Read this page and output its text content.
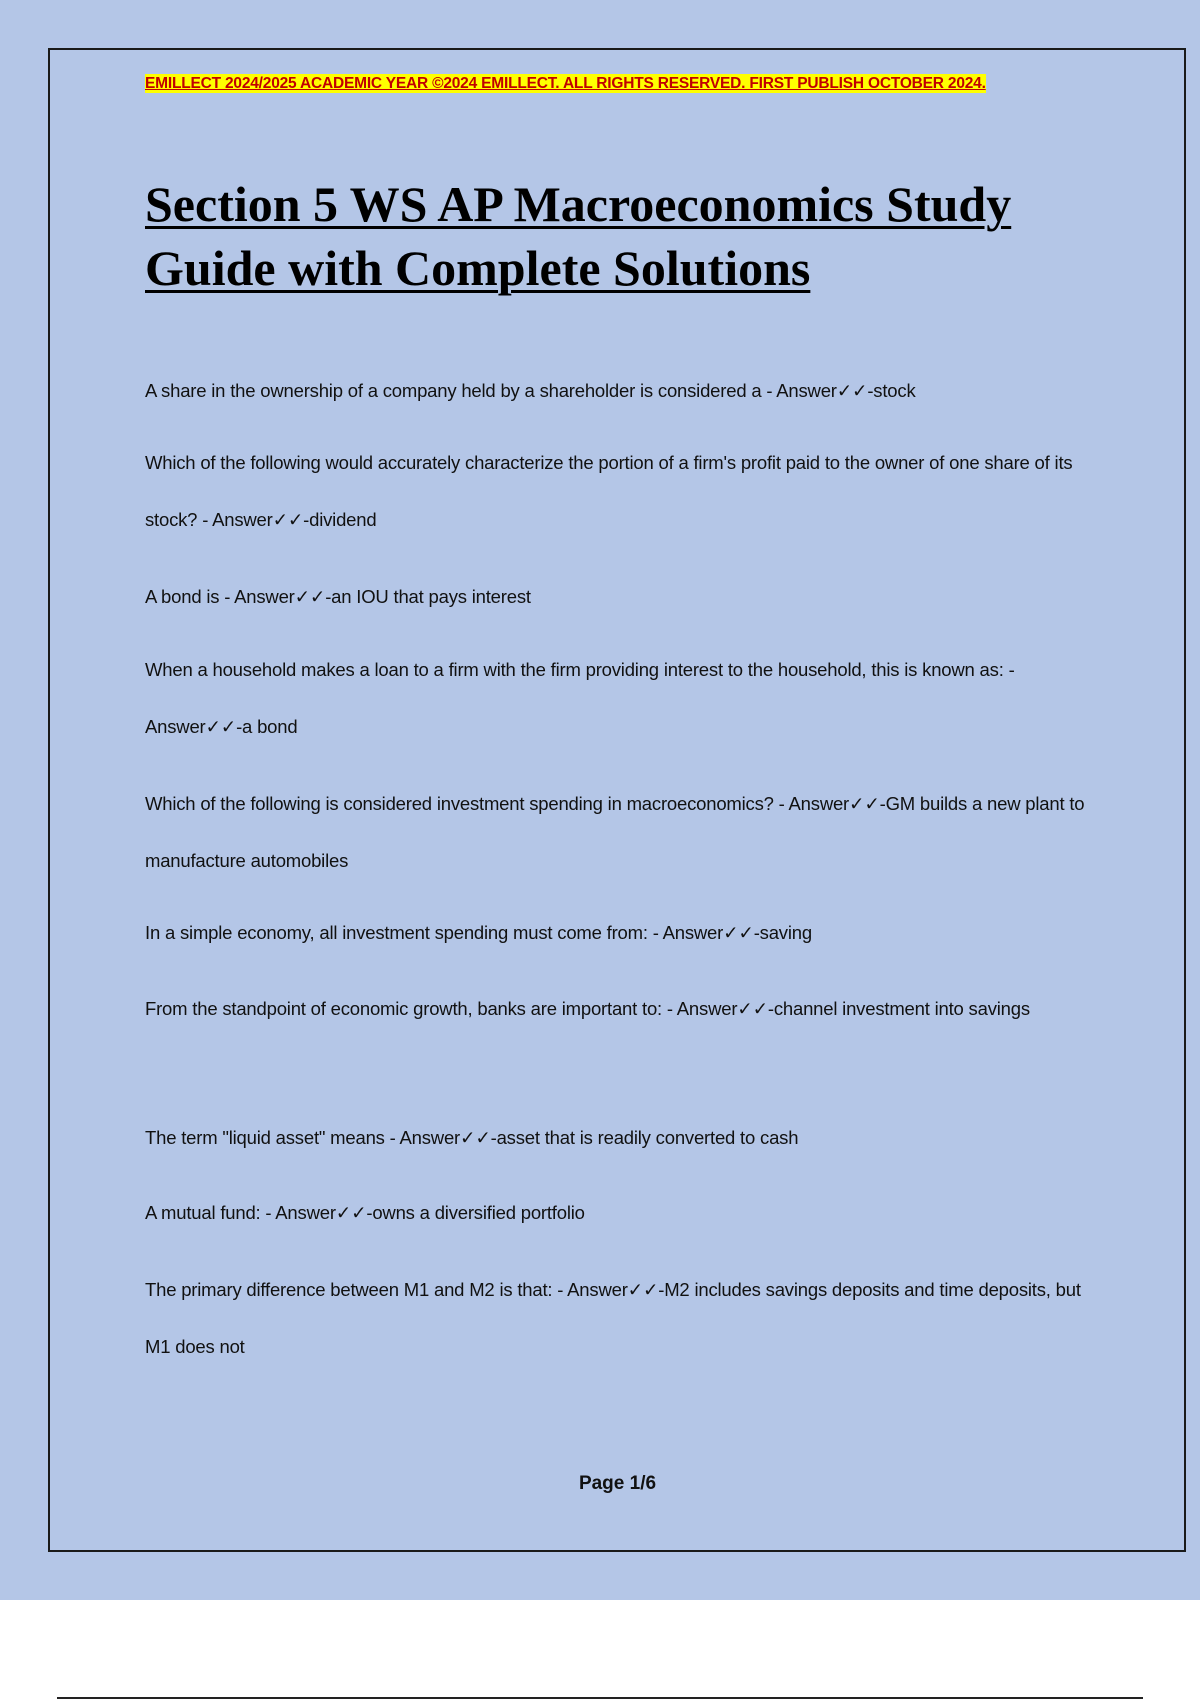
EMILLECT 2024/2025 ACADEMIC YEAR ©2024 EMILLECT. ALL RIGHTS RESERVED. FIRST PUBLISH OCTOBER 2024.
Section 5 WS AP Macroeconomics Study
Guide with Complete Solutions

A share in the ownership of a company held by a shareholder is considered a - Answer✓✓-stock

Which of the following would accurately characterize the portion of a firm's profit paid to the owner of one share of its stock? - Answer✓✓-dividend

A bond is - Answer✓✓-an IOU that pays interest

When a household makes a loan to a firm with the firm providing interest to the household, this is known as: - Answer✓✓-a bond

Which of the following is considered investment spending in macroeconomics? - Answer✓✓-GM builds a new plant to manufacture automobiles

In a simple economy, all investment spending must come from: - Answer✓✓-saving

From the standpoint of economic growth, banks are important to: - Answer✓✓-channel investment into savings

The term "liquid asset" means - Answer✓✓-asset that is readily converted to cash

A mutual fund: - Answer✓✓-owns a diversified portfolio

The primary difference between M1 and M2 is that: - Answer✓✓-M2 includes savings deposits and time deposits, but M1 does not

Page 1/6
